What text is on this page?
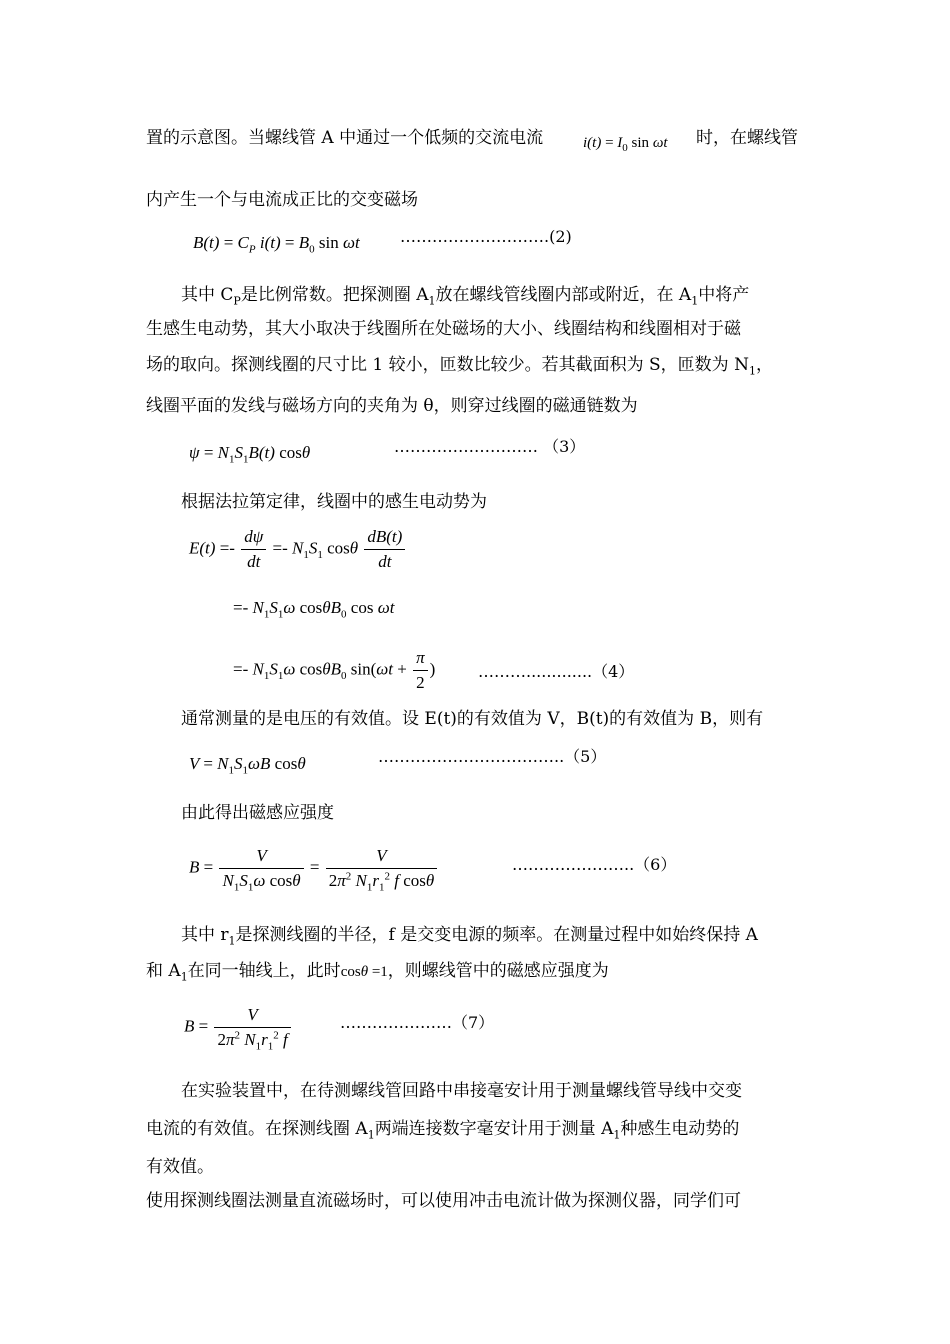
置的示意图。当螺线管 A 中通过一个低频的交流电流	$i(t) = I_0$ sin ωt 时，在螺线管
内产生一个与电流成正比的交变磁场
$B(t) = C_P$ $i(t) = B_0$ sin ωt	……………………….(2)
其中 $C_P$是比例常数。把探测圈 $A_1$放在螺线管线圈内部或附近，在 $A_1$中将产
生感生电动势，其大小取决于线圈所在处磁场的大小、线圈结构和线圈相对于磁
场的取向。探测线圈的尺寸比 1 较小，匝数比较少。若其截面积为 S，匝数为 $N_1$，
线圈平面的发线与磁场方向的夹角为 θ，则穿过线圈的磁通链数为
$\psi = N_1S_1B(t)$ cosθ	……………………… （3）
根据法拉第定律，线圈中的感生电动势为
$E(t) =- \frac{d\psi}{dt} =- N_1S_1$ cosθ $\frac{dB(t)}{dt}$
=- $N_1S_1\omega$ cosθB$_0$ cos ωt
=- $N_1S_1\omega$ cosθB$_0$ $\sin(\omega t + \frac{\pi}{2}$ )	……….............（4）
通常测量的是电压的有效值。设 E(t)的有效值为 V，B(t)的有效值为 B，则有
$V = N_1S_1\omega B$ cosθ	……………………………..（5）
由此得出磁感应强度
$B = \frac{V}{N_1S_1\omega \cos\theta} = \frac{V}{2\pi^2 N_1r_1^2 f \cos\theta}$	…………………..（6）
其中 $r_1$是探测线圈的半径，f 是交变电源的频率。在测量过程中如始终保持 A
和 $A_1$在同一轴线上，此时cosθ =1，则螺线管中的磁感应强度为
$B = \frac{V}{2\pi^2 N_1r_1^2 f}$	…………………（7）
在实验装置中，在待测螺线管回路中串接毫安计用于测量螺线管导线中交变
电流的有效值。在探测线圈 $A_1$两端连接数字毫安计用于测量 $A_1$种感生电动势的
有效值。
使用探测线圈法测量直流磁场时，可以使用冲击电流计做为探测仪器，同学们可
